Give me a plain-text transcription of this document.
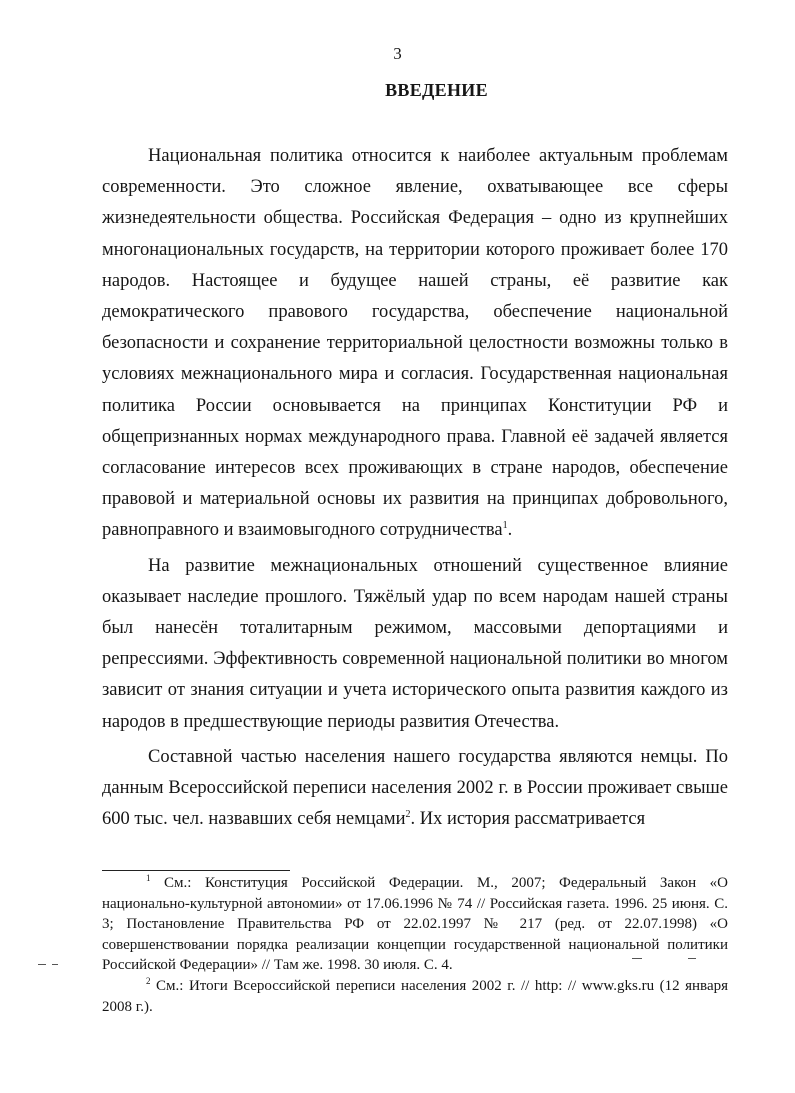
3
ВВЕДЕНИЕ

Национальная политика относится к наиболее актуальным проблемам современности. Это сложное явление, охватывающее все сферы жизнедеятельности общества. Российская Федерация – одно из крупнейших многонациональных государств, на территории которого проживает более 170 народов. Настоящее и будущее нашей страны, её развитие как демократического правового государства, обеспечение национальной безопасности и сохранение территориальной целостности возможны только в условиях межнационального мира и согласия. Государственная национальная политика России основывается на принципах Конституции РФ и общепризнанных нормах международного права. Главной её задачей является согласование интересов всех проживающих в стране народов, обеспечение правовой и материальной основы их развития на принципах добровольного, равноправного и взаимовыгодного сотрудничества$^1$.

На развитие межнациональных отношений существенное влияние оказывает наследие прошлого. Тяжёлый удар по всем народам нашей страны был нанесён тоталитарным режимом, массовыми депортациями и репрессиями. Эффективность современной национальной политики во многом зависит от знания ситуации и учета исторического опыта развития каждого из народов в предшествующие периоды развития Отечества.

Составной частью населения нашего государства являются немцы. По данным Всероссийской переписи населения 2002 г. в России проживает свыше 600 тыс. чел. назвавших себя немцами$^2$. Их история рассматривается

$^1$ См.: Конституция Российской Федерации. М., 2007; Федеральный Закон «О национально-культурной автономии» от 17.06.1996 № 74 // Российская газета. 1996. 25 июня. С. 3; Постановление Правительства РФ от 22.02.1997 № 217 (ред. от 22.07.1998) «О совершенствовании порядка реализации концепции государственной национальной политики Российской Федерации» // Там же. 1998. 30 июля. С. 4.

$^2$ См.: Итоги Всероссийской переписи населения 2002 г. // http: // www.gks.ru (12 января 2008 г.).
